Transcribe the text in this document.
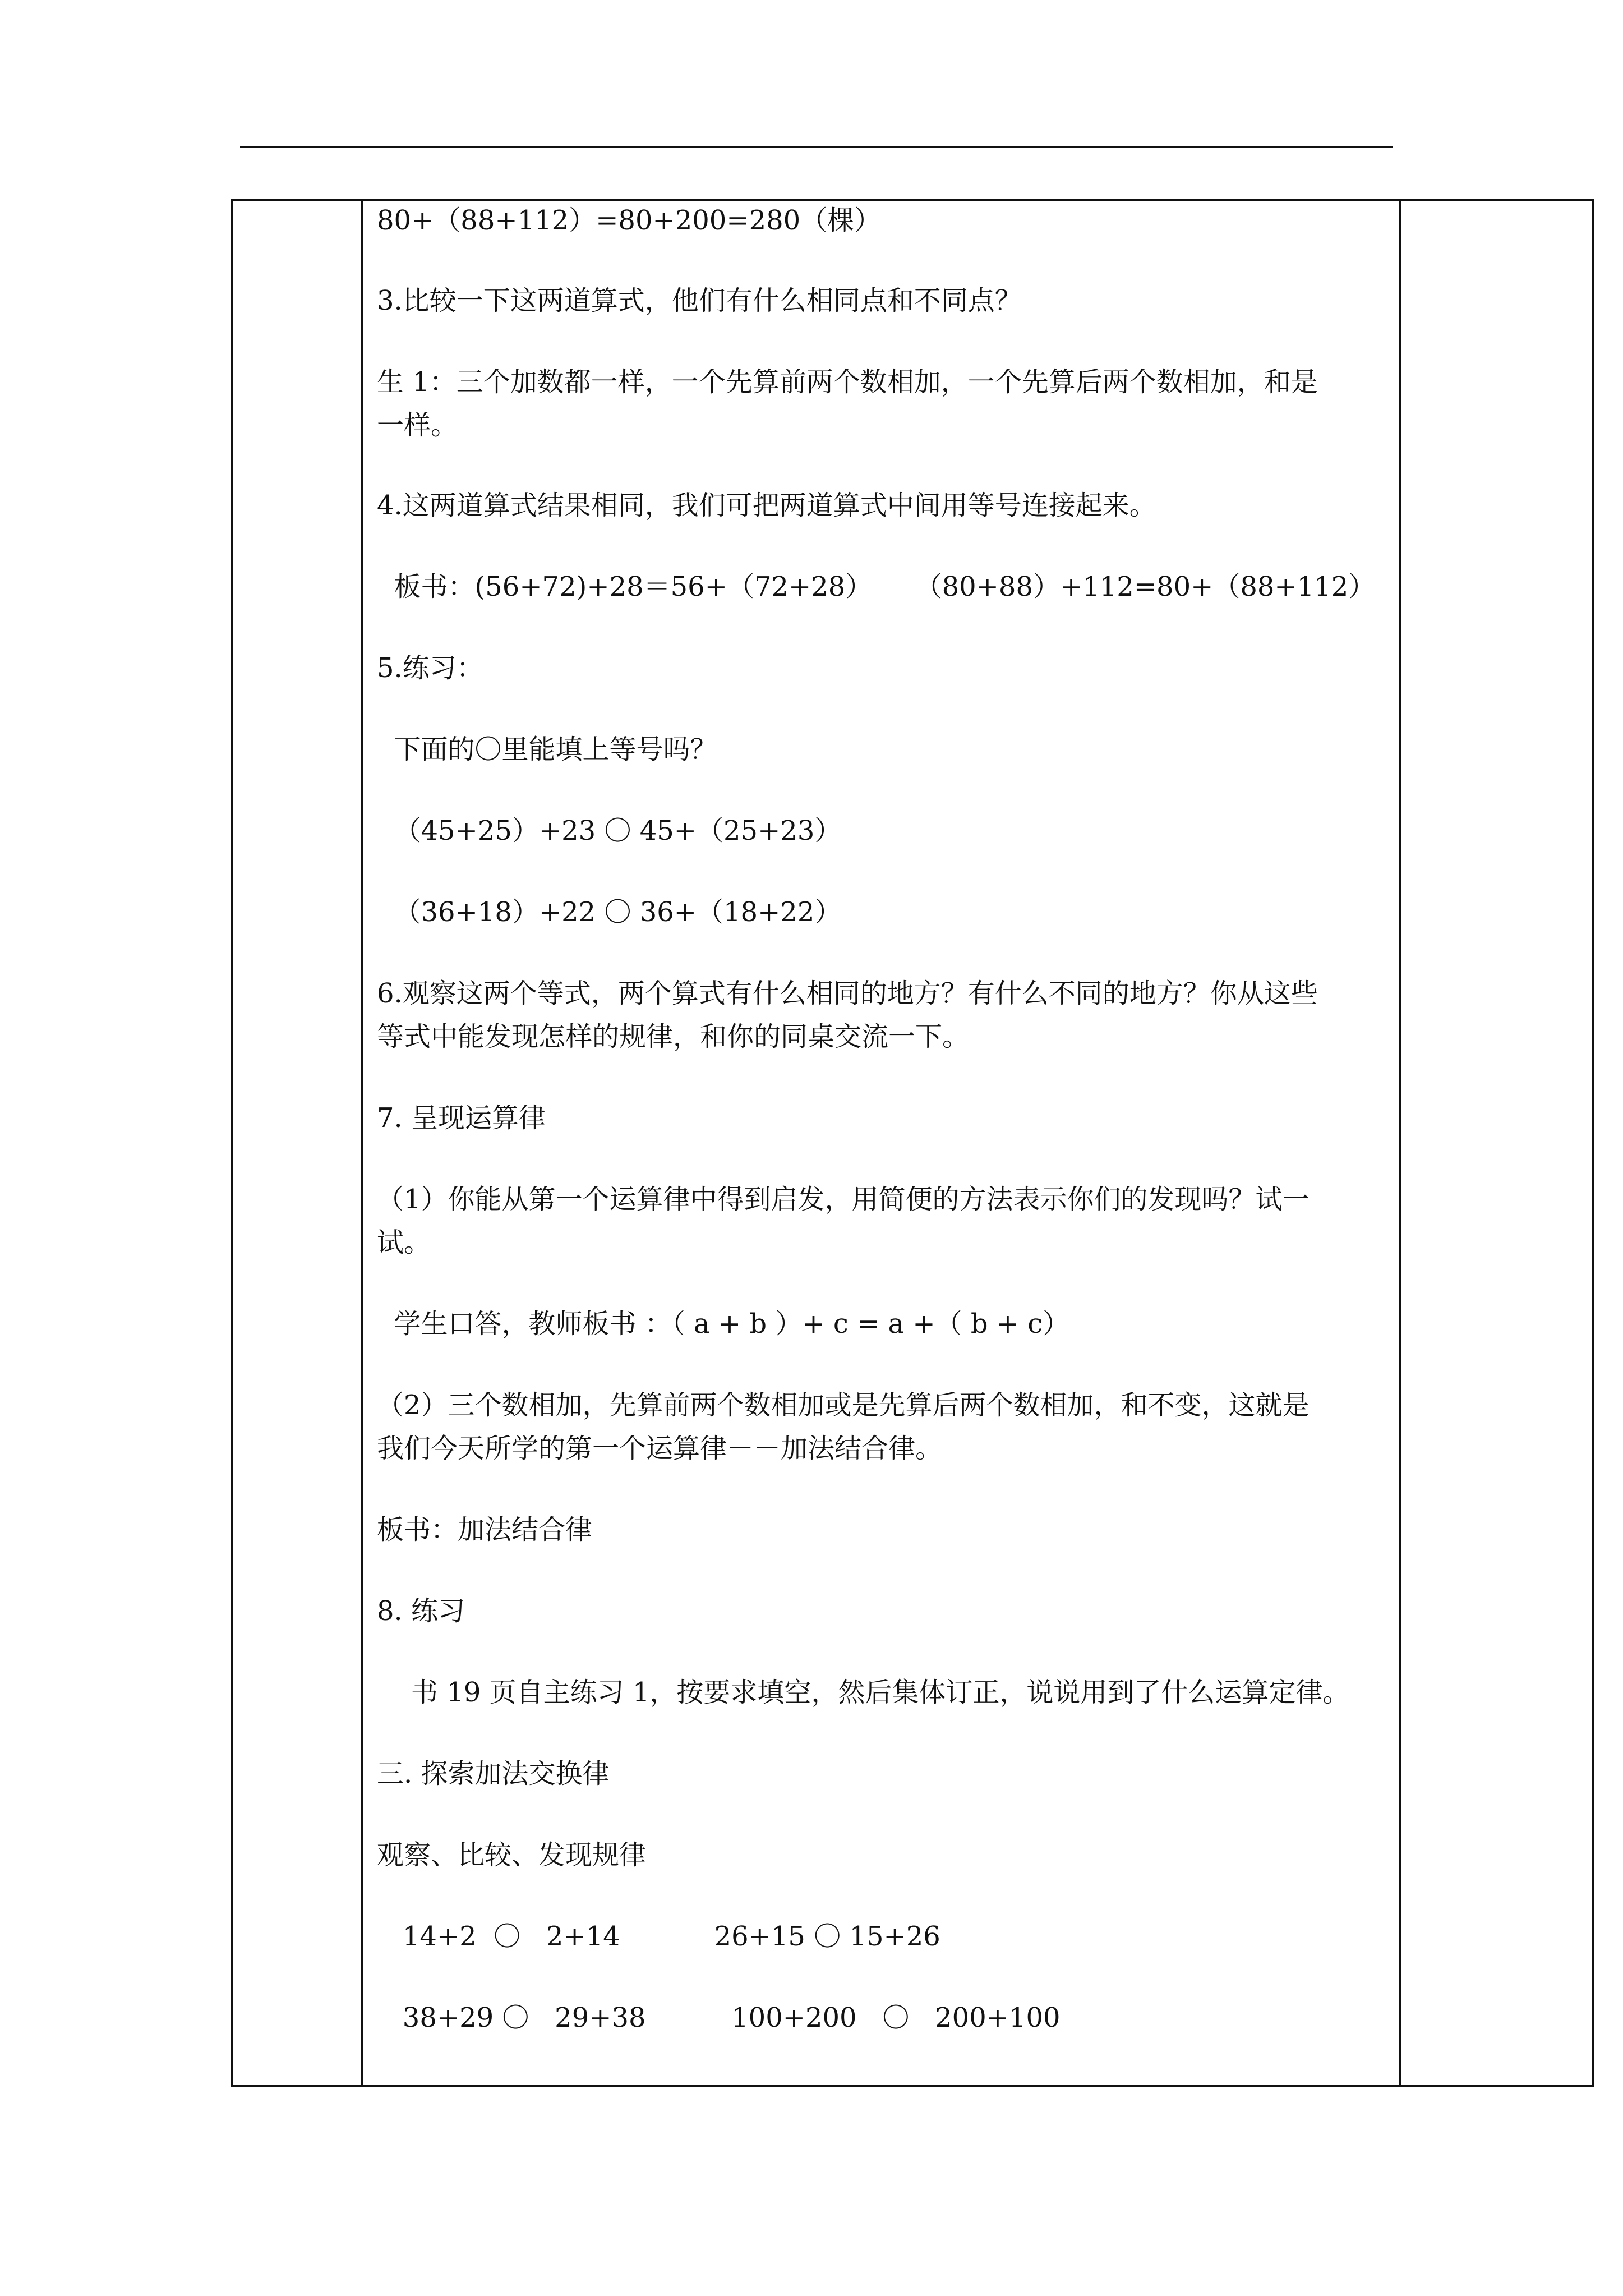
80+（88+112）=80+200=280（棵）

3.比较一下这两道算式，他们有什么相同点和不同点？

生 1：三个加数都一样，一个先算前两个数相加，一个先算后两个数相加，和是

一样。

4.这两道算式结果相同，我们可把两道算式中间用等号连接起来。

板书：(56+72)+28＝56+（72+28）     （80+88）+112=80+（88+112）

5.练习：

下面的〇里能填上等号吗？

（45+25）+23 〇 45+（25+23）

（36+18）+22 〇 36+（18+22）

6.观察这两个等式，两个算式有什么相同的地方？有什么不同的地方？你从这些

等式中能发现怎样的规律，和你的同桌交流一下。

7. 呈现运算律

（1）你能从第一个运算律中得到启发，用简便的方法表示你们的发现吗？试一

试。

学生口答，教师板书 ：（ a + b ）+ c = a +（ b + c）

（2）三个数相加，先算前两个数相加或是先算后两个数相加，和不变，这就是

我们今天所学的第一个运算律－－加法结合律。

板书：加法结合律

8. 练习

书 19 页自主练习 1，按要求填空，然后集体订正，说说用到了什么运算定律。

三. 探索加法交换律

观察、比较、发现规律

14+2  〇   2+14           26+15 〇 15+26

38+29 〇   29+38          100+200   〇   200+100
